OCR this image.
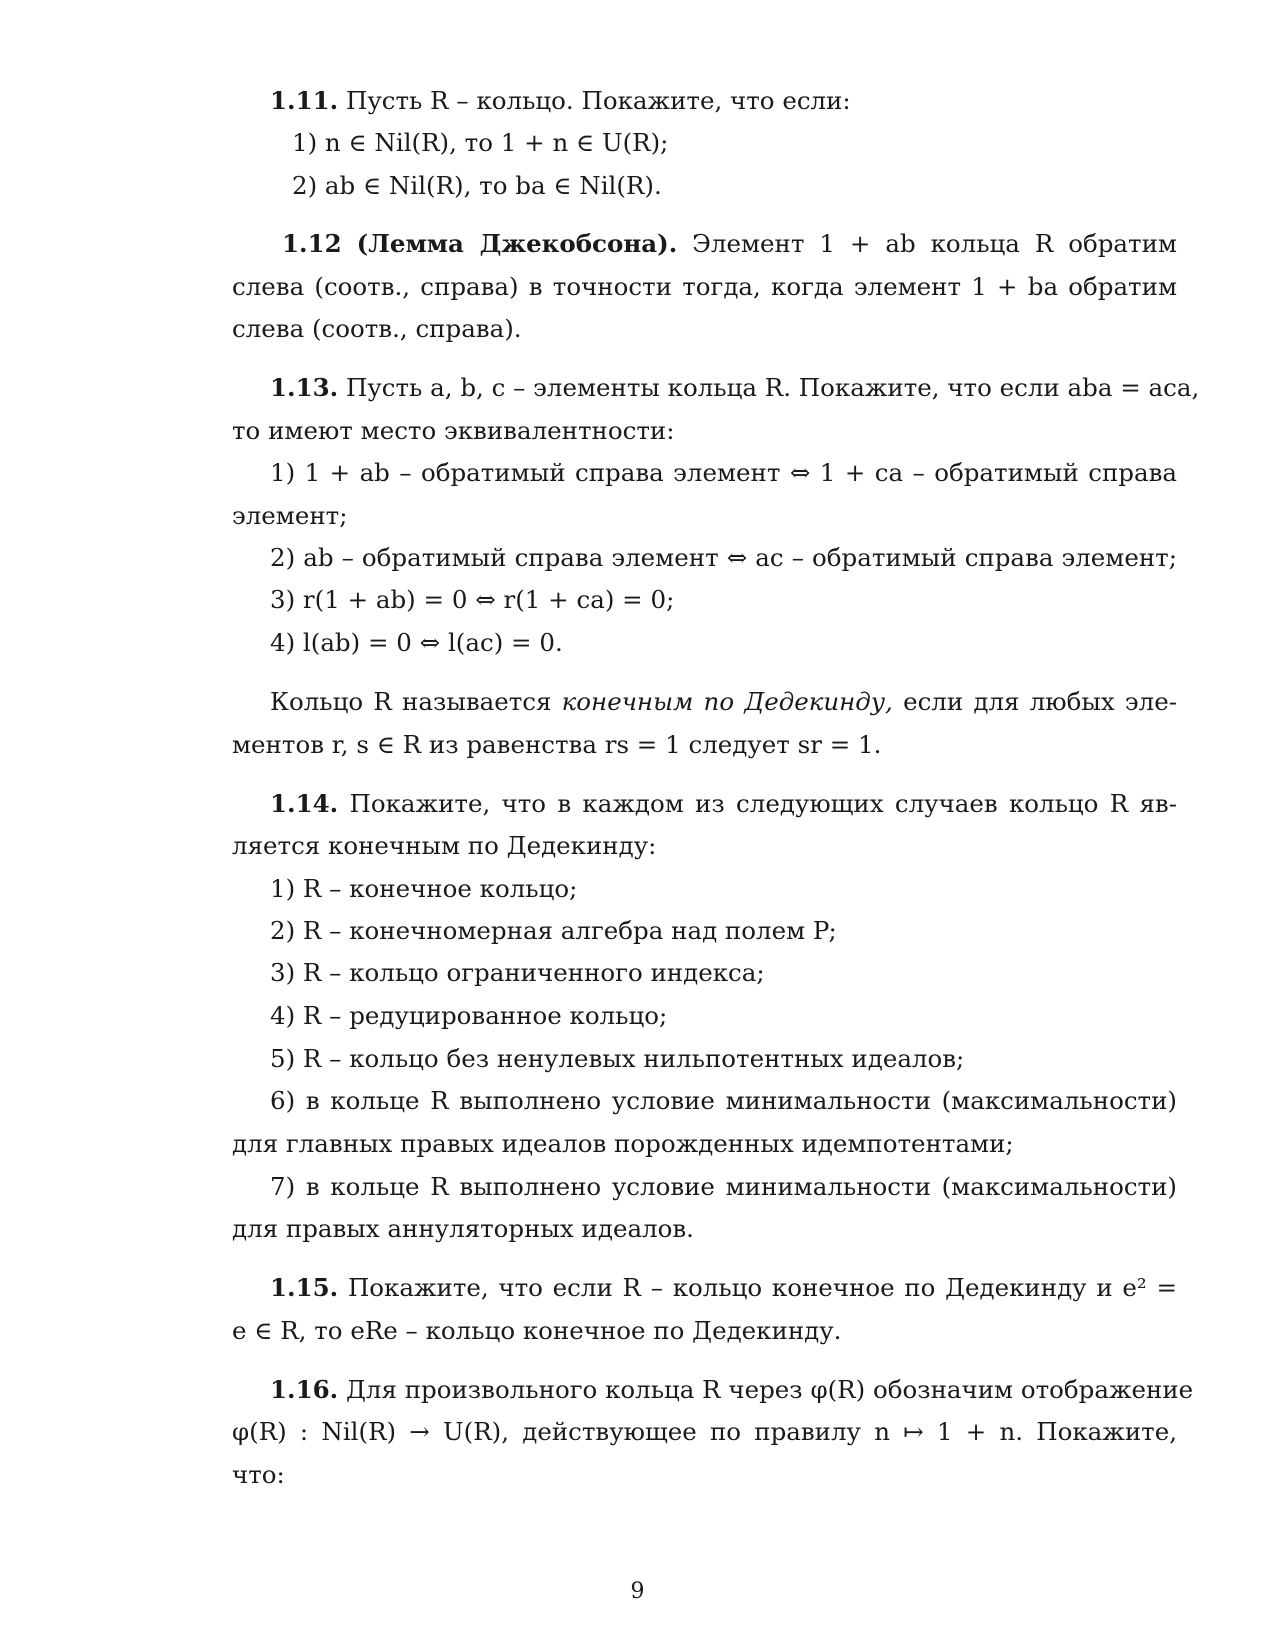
1.11. Пусть R – кольцо. Покажите, что если:
1) n ∈ Nil(R), то 1 + n ∈ U(R);
2) ab ∈ Nil(R), то ba ∈ Nil(R).
1.12 (Лемма Джекобсона). Элемент 1 + ab кольца R обратим
слева (соотв., справа) в точности тогда, когда элемент 1 + ba обратим
слева (соотв., справа).
1.13. Пусть a, b, c – элементы кольца R. Покажите, что если aba = aca,
то имеют место эквивалентности:
1) 1 + ab – обратимый справа элемент ⇔ 1 + ca – обратимый справа
элемент;
2) ab – обратимый справа элемент ⇔ ac – обратимый справа элемент;
3) r(1 + ab) = 0 ⇔ r(1 + ca) = 0;
4) l(ab) = 0 ⇔ l(ac) = 0.
Кольцо R называется конечным по Дедекинду, если для любых эле-
ментов r, s ∈ R из равенства rs = 1 следует sr = 1.
1.14. Покажите, что в каждом из следующих случаев кольцо R яв-
ляется конечным по Дедекинду:
1) R – конечное кольцо;
2) R – конечномерная алгебра над полем P;
3) R – кольцо ограниченного индекса;
4) R – редуцированное кольцо;
5) R – кольцо без ненулевых нильпотентных идеалов;
6) в кольце R выполнено условие минимальности (максимальности)
для главных правых идеалов порожденных идемпотентами;
7) в кольце R выполнено условие минимальности (максимальности)
для правых аннуляторных идеалов.
1.15. Покажите, что если R – кольцо конечное по Дедекинду и e² =
e ∈ R, то eRe – кольцо конечное по Дедекинду.
1.16. Для произвольного кольца R через φ(R) обозначим отображение
φ(R) : Nil(R) → U(R), действующее по правилу n ↦ 1 + n. Покажите,
что:
9
